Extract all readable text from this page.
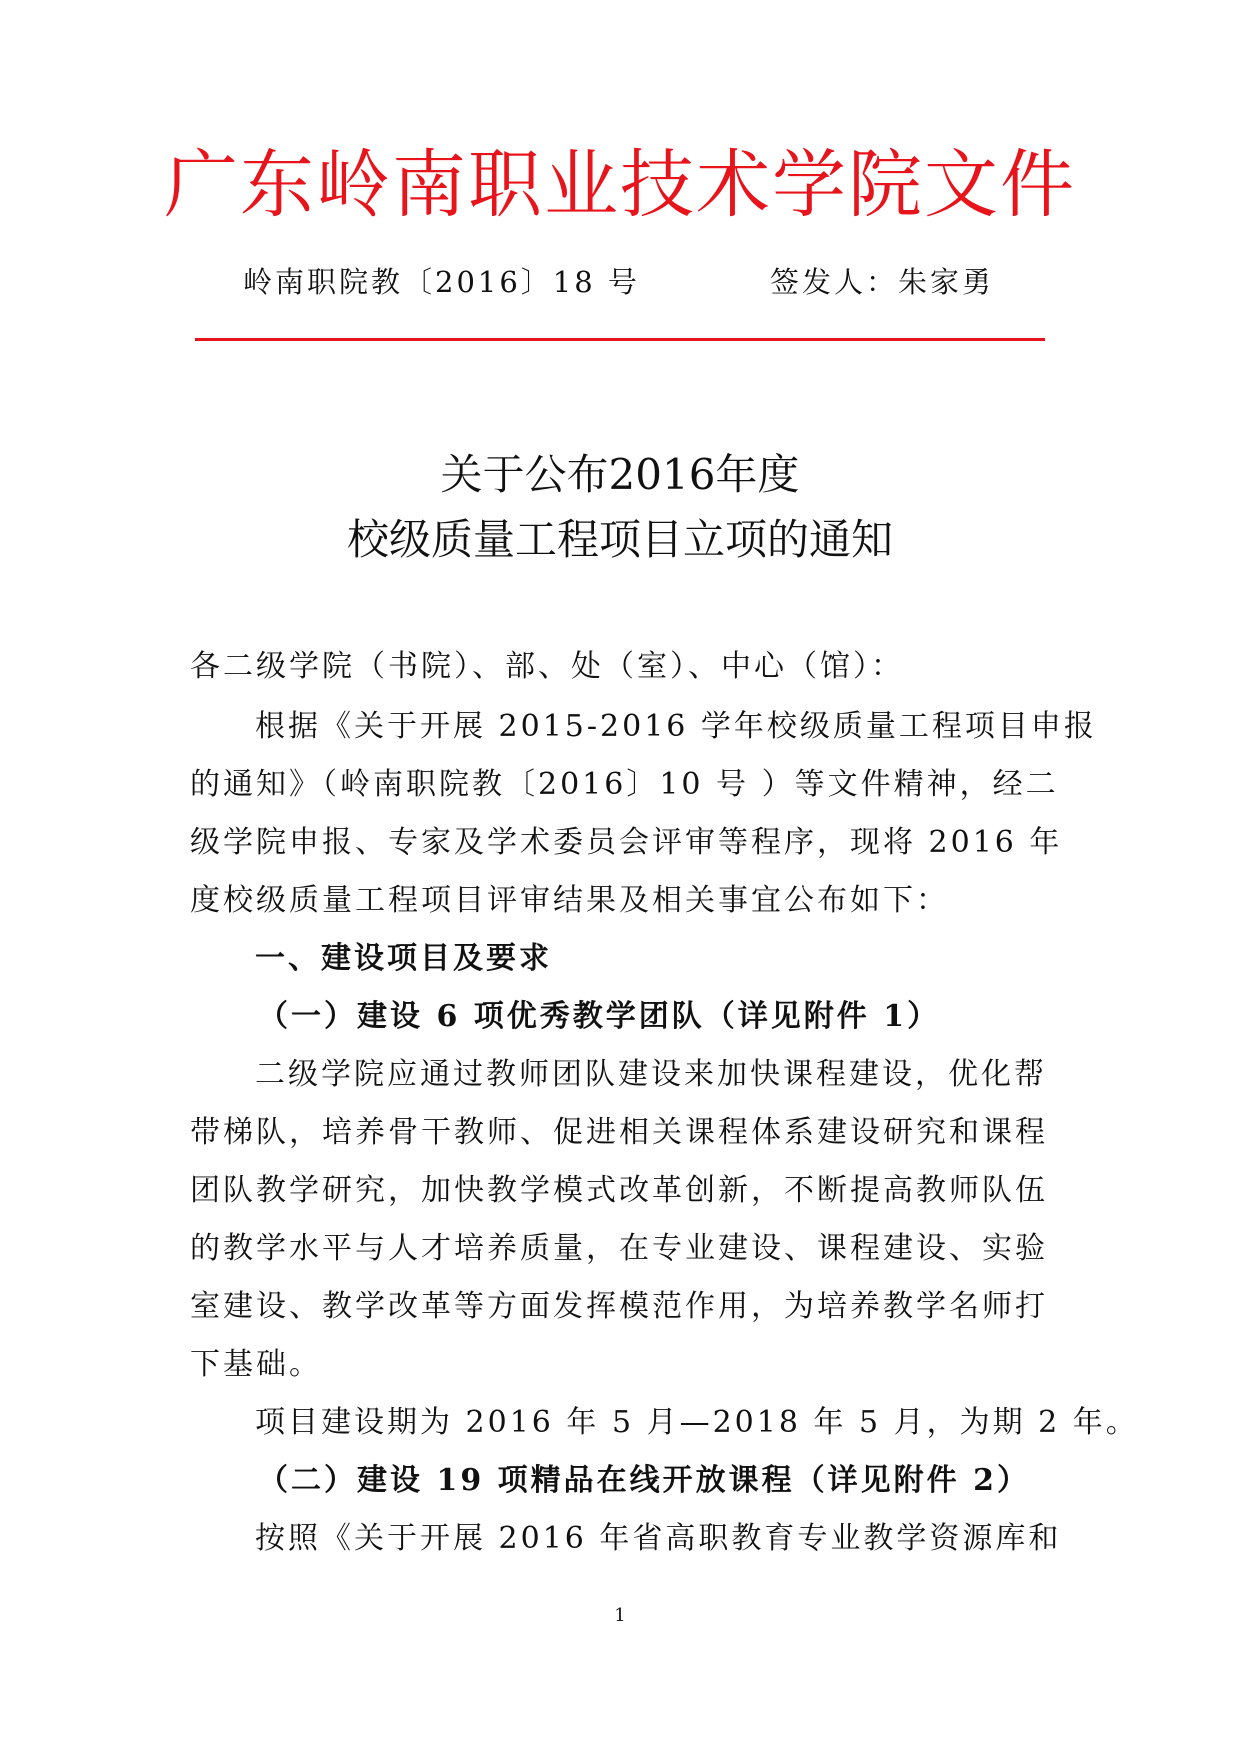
广东岭南职业技术学院文件
岭南职院教〔2016〕18 号	签发人：朱家勇
关于公布2016年度
校级质量工程项目立项的通知
各二级学院（书院）、部、处（室）、中心（馆）：
根据《关于开展 2015-2016 学年校级质量工程项目申报
的通知》（岭南职院教〔2016〕10 号 ）等文件精神，经二
级学院申报、专家及学术委员会评审等程序，现将 2016 年
度校级质量工程项目评审结果及相关事宜公布如下：
一、建设项目及要求
（一）建设 6 项优秀教学团队（详见附件 1）
二级学院应通过教师团队建设来加快课程建设，优化帮
带梯队，培养骨干教师、促进相关课程体系建设研究和课程
团队教学研究，加快教学模式改革创新，不断提高教师队伍
的教学水平与人才培养质量，在专业建设、课程建设、实验
室建设、教学改革等方面发挥模范作用，为培养教学名师打
下基础。
项目建设期为 2016 年 5 月—2018 年 5 月，为期 2 年。
（二）建设 19 项精品在线开放课程（详见附件 2）
按照《关于开展 2016 年省高职教育专业教学资源库和
1
